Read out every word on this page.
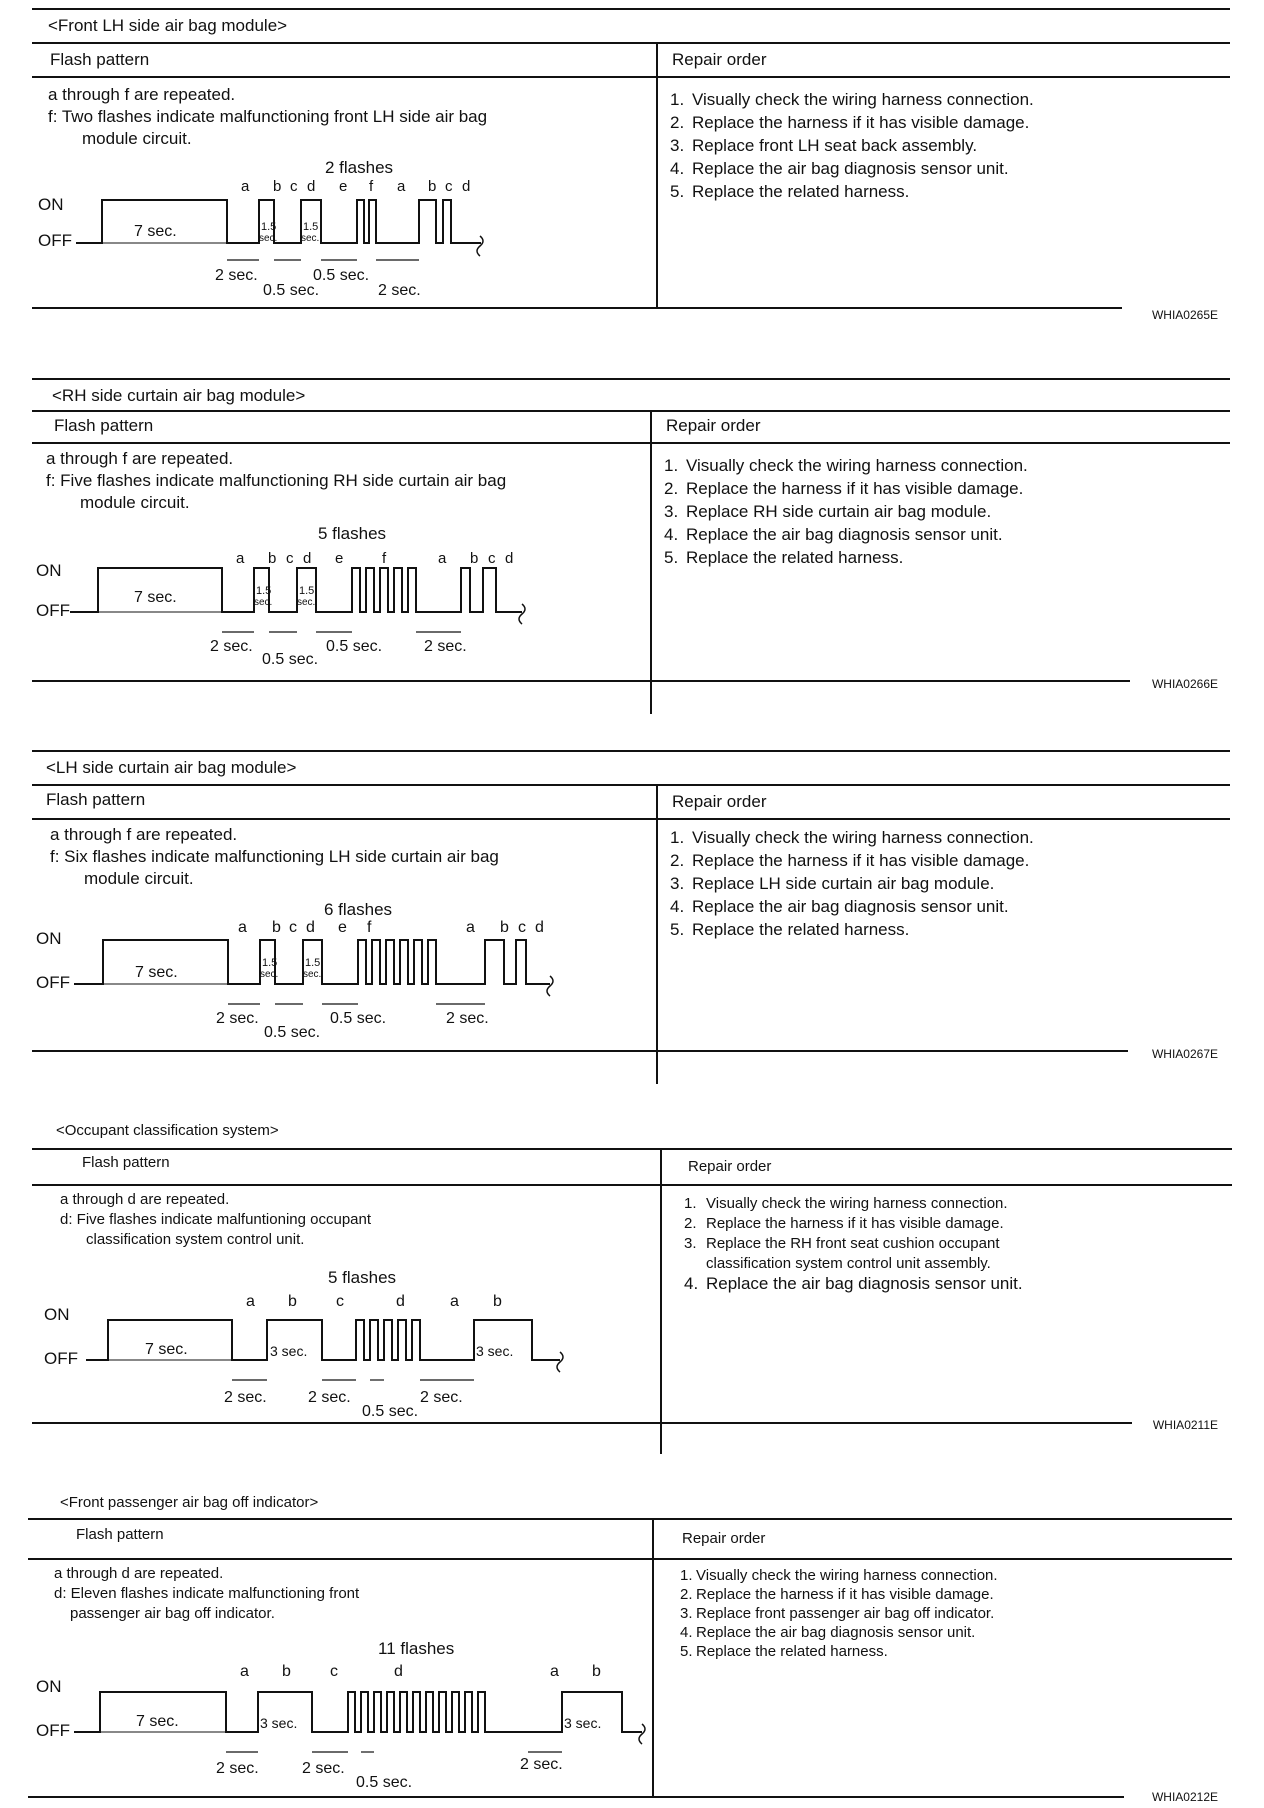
<Front LH side air bag module>
Flash pattern	Repair order
a through f are repeated.
f: Two flashes indicate malfunctioning front LH side air bag
module circuit.
2 flashes
a b c d e f a b c d
ON
OFF	7 sec.	1.5
sec.
1.5
sec.
2 sec.
0.5 sec.
0.5 sec.
2 sec.
1. Visually check the wiring harness connection.
2. Replace the harness if it has visible damage.
3. Replace front LH seat back assembly.
4. Replace the air bag diagnosis sensor unit.
5. Replace the related harness.
WHIA0265E
<RH side curtain air bag module>
Flash pattern	Repair order
a through f are repeated.
f: Five flashes indicate malfunctioning RH side curtain air bag
module circuit.
5 flashes
a b c d e	f	a b c d
ON
OFF
7 sec.	1.5
sec.
1.5
sec.
2 sec.
0.5 sec.
0.5 sec.	2 sec.
1. Visually check the wiring harness connection.
2. Replace the harness if it has visible damage.
3. Replace RH side curtain air bag module.
4. Replace the air bag diagnosis sensor unit.
5. Replace the related harness.
WHIA0266E
<LH side curtain air bag module>
Flash pattern	Repair order
a through f are repeated.
f: Six flashes indicate malfunctioning LH side curtain air bag
module circuit.
6 flashes
a b c d e f	a b c d
ON
OFF
7 sec.
1.5
sec.
1.5
sec.
2 sec.
0.5 sec.
0.5 sec.	2 sec.
1. Visually check the wiring harness connection.
2. Replace the harness if it has visible damage.
3. Replace LH side curtain air bag module.
4. Replace the air bag diagnosis sensor unit.
5. Replace the related harness.
WHIA0267E
<Occupant classification system>
Flash pattern	Repair order
a through d are repeated.
d: Five flashes indicate malfuntioning occupant
classification system control unit.
5 flashes
a b c	d	a b
ON
OFF	7 sec.	3 sec.	3 sec.
2 sec.	2 sec.
0.5 sec.
2 sec.
1. Visually check the wiring harness connection.
2. Replace the harness if it has visible damage.
3. Replace the RH front seat cushion occupant
classification system control unit assembly.
4. Replace the air bag diagnosis sensor unit.
WHIA0211E
<Front passenger air bag off indicator>
Flash pattern	Repair order
a through d are repeated.
d: Eleven flashes indicate malfunctioning front
passenger air bag off indicator.
11 flashes
a b c	d	a b
ON
OFF	7 sec.	3 sec.	3 sec.
2 sec.	2 sec.
0.5 sec.
2 sec.
1. Visually check the wiring harness connection.
2. Replace the harness if it has visible damage.
3. Replace front passenger air bag off indicator.
4. Replace the air bag diagnosis sensor unit.
5. Replace the related harness.
WHIA0212E
